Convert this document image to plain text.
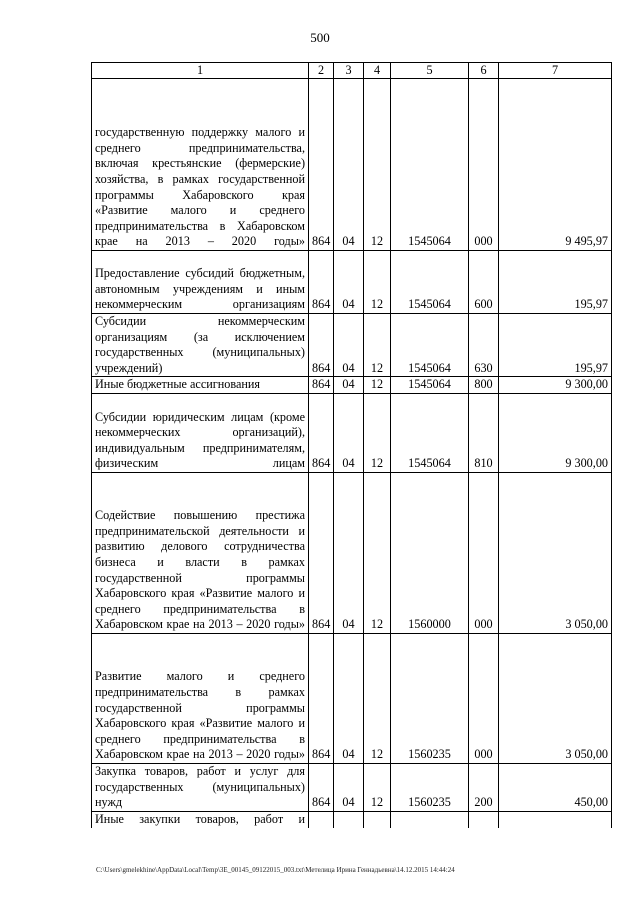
500
1	2	3	4	5	6	7
государственную поддержку малого и среднего предпринимательства, включая крестьянские (фермерские) хозяйства, в рамках государственной программы Хабаровского края «Развитие малого и среднего предпринимательства в Хабаровском крае на 2013 – 2020 годы»	864	04	12	1545064	000	9 495,97
Предоставление субсидий бюджетным, автономным учреждениям и иным некоммерческим организациям	864	04	12	1545064	600	195,97
Субсидии некоммерческим организациям (за исключением государственных (муниципальных) учреждений)	864	04	12	1545064	630	195,97
Иные бюджетные ассигнования	864	04	12	1545064	800	9 300,00
Субсидии юридическим лицам (кроме некоммерческих организаций), индивидуальным предпринимателям, физическим лицам	864	04	12	1545064	810	9 300,00
Содействие повышению престижа предпринимательской деятельности и развитию делового сотрудничества бизнеса и власти в рамках государственной программы Хабаровского края «Развитие малого и среднего предпринимательства в Хабаровском крае на 2013 – 2020 годы»	864	04	12	1560000	000	3 050,00
Развитие малого и среднего предпринимательства в рамках государственной программы Хабаровского края «Развитие малого и среднего предпринимательства в Хабаровском крае на 2013 – 2020 годы»	864	04	12	1560235	000	3 050,00
Закупка товаров, работ и услуг для государственных (муниципальных) нужд	864	04	12	1560235	200	450,00
Иные закупки товаров, работ и						
C:\Users\gmelekhine\AppData\Local\Temp\3E_00145_09122015_003.txt\Метелица Ирина Геннадьевна\14.12.2015 14:44:24
